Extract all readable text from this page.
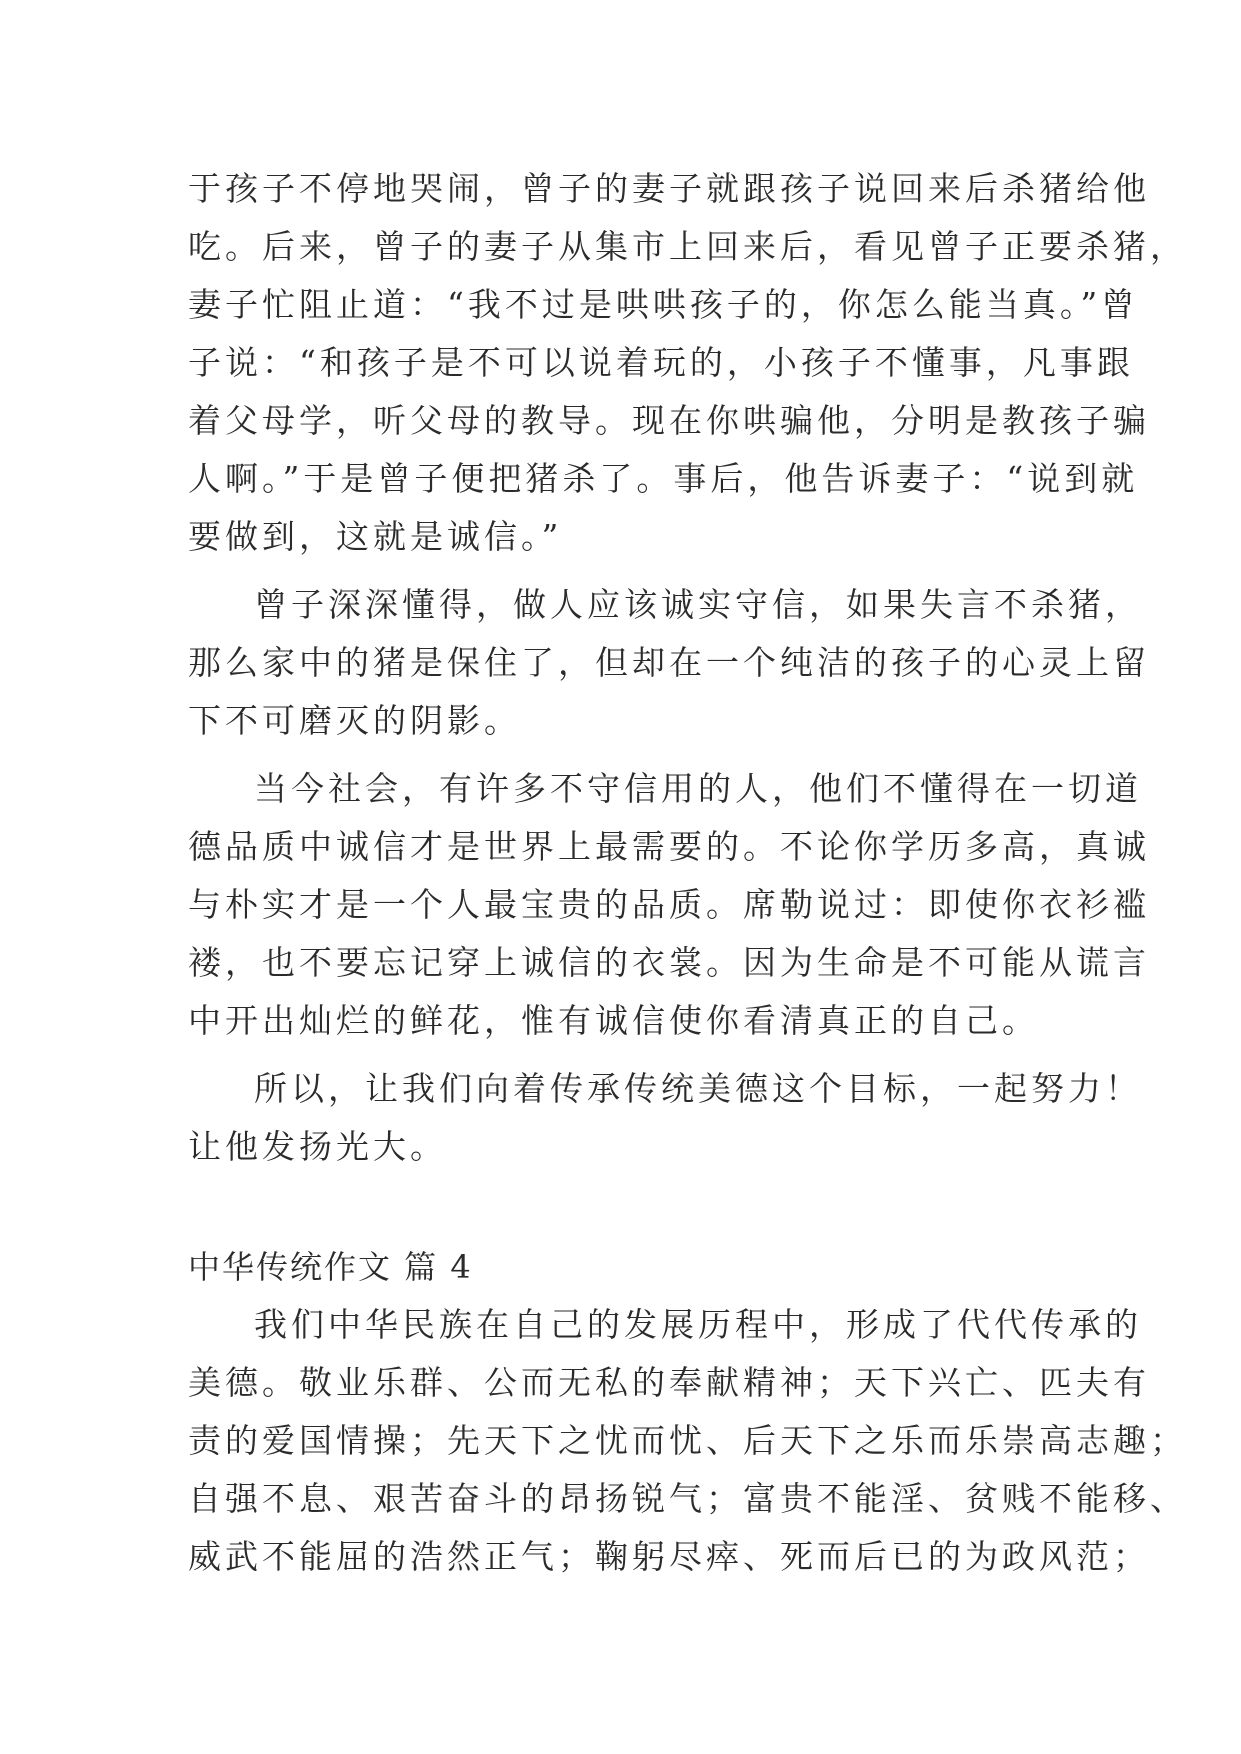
于孩子不停地哭闹，曾子的妻子就跟孩子说回来后杀猪给他
吃。后来，曾子的妻子从集市上回来后，看见曾子正要杀猪，
妻子忙阻止道：“我不过是哄哄孩子的，你怎么能当真。”曾
子说：“和孩子是不可以说着玩的，小孩子不懂事，凡事跟
着父母学，听父母的教导。现在你哄骗他，分明是教孩子骗
人啊。”于是曾子便把猪杀了。事后，他告诉妻子：“说到就
要做到，这就是诚信。”
曾子深深懂得，做人应该诚实守信，如果失言不杀猪，
那么家中的猪是保住了，但却在一个纯洁的孩子的心灵上留
下不可磨灭的阴影。
当今社会，有许多不守信用的人，他们不懂得在一切道
德品质中诚信才是世界上最需要的。不论你学历多高，真诚
与朴实才是一个人最宝贵的品质。席勒说过：即使你衣衫褴
褛，也不要忘记穿上诚信的衣裳。因为生命是不可能从谎言
中开出灿烂的鲜花，惟有诚信使你看清真正的自己。
所以，让我们向着传承传统美德这个目标，一起努力！
让他发扬光大。
中华传统作文 篇 4
我们中华民族在自己的发展历程中，形成了代代传承的
美德。敬业乐群、公而无私的奉献精神；天下兴亡、匹夫有
责的爱国情操；先天下之忧而忧、后天下之乐而乐崇高志趣；
自强不息、艰苦奋斗的昂扬锐气；富贵不能淫、贫贱不能移、
威武不能屈的浩然正气；鞠躬尽瘁、死而后已的为政风范；
